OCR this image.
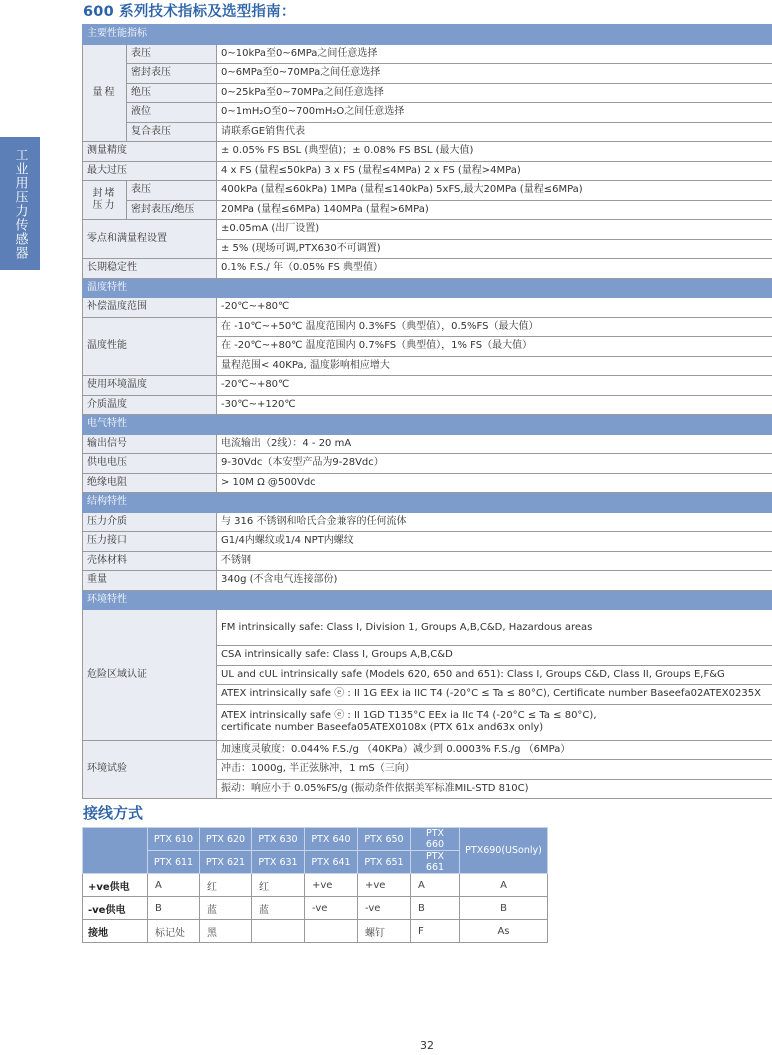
600 系列技术指标及选型指南：
工业用压力传感器
主要性能指标		
量程	表压	0~10kPa至0~6MPa之间任意选择
	密封表压	0~6MPa至0~70MPa之间任意选择
	绝压	0~25kPa至0~70MPa之间任意选择
	液位	0~1mH₂O至0~700mH₂O之间任意选择
	复合表压	请联系GE销售代表
测量精度		± 0.05% FS BSL (典型值)；± 0.08% FS BSL (最大值)
最大过压		4 x FS (量程≤50kPa) 3 x FS (量程≤4MPa) 2 x FS (量程>4MPa)
封堵压力	表压	400kPa (量程≤60kPa) 1MPa (量程≤140kPa) 5xFS,最大20MPa (量程≤6MPa)
	密封表压/绝压	20MPa (量程≤6MPa) 140MPa (量程>6MPa)
零点和满量程设置		±0.05mA (出厂设置)
		± 5% (现场可调,PTX630不可调置)
长期稳定性		0.1% F.S./ 年（0.05% FS 典型值）
温度特性		
补偿温度范围		-20℃~+80℃
温度性能		在 -10℃~+50℃ 温度范围内 0.3%FS（典型值），0.5%FS（最大值）
		在 -20℃~+80℃ 温度范围内 0.7%FS（典型值），1% FS（最大值）
		量程范围< 40KPa, 温度影响相应增大
使用环境温度		-20℃~+80℃
介质温度		-30℃~+120℃
电气特性		
输出信号		电流输出（2线）：4 - 20 mA
供电电压		9-30Vdc（本安型产品为9-28Vdc）
绝缘电阻		> 10M Ω @500Vdc
结构特性		
压力介质		与 316 不锈钢和哈氏合金兼容的任何流体
压力接口		G1/4内螺纹或1/4 NPT内螺纹
壳体材料		不锈钢
重量		340g (不含电气连接部份)
环境特性		
危险区域认证		FM intrinsically safe: Class I, Division 1, Groups A,B,C&D, Hazardous areas
		CSA intrinsically safe: Class I, Groups A,B,C&D
		UL and cUL intrinsically safe (Models 620, 650 and 651): Class I, Groups C&D, Class II, Groups E,F&G
		ATEX intrinsically safe ⓔ : II 1G EEx ia IIC T4 (-20°C ≤ Ta ≤ 80°C), Certificate number Baseefa02ATEX0235X

		ATEX intrinsically safe ⓔ : II 1GD T135°C EEx ia IIc T4 (-20°C ≤ Ta ≤ 80°C),
certificate number Baseefa05ATEX0108x (PTX 61x and63x only)

环境试验		加速度灵敏度：0.044% F.S./g （40KPa）减少到 0.0003% F.S./g （6MPa）
		冲击：1000g, 半正弦脉冲，1 mS（三向）
		振动：响应小于 0.05%FS/g (振动条件依据美军标准MIL-STD 810C)
接线方式
	PTX 610	PTX 620	PTX 630	PTX 640	PTX 650	PTX 660	PTX690(USonly)
	PTX 611	PTX 621	PTX 631	PTX 641	PTX 651	PTX 661	
+ve供电	A	红	红	+ve	+ve	A	A
-ve供电	B	蓝	蓝	-ve	-ve	B	B
接地	标记处	黑			螺钉	F	As
32
